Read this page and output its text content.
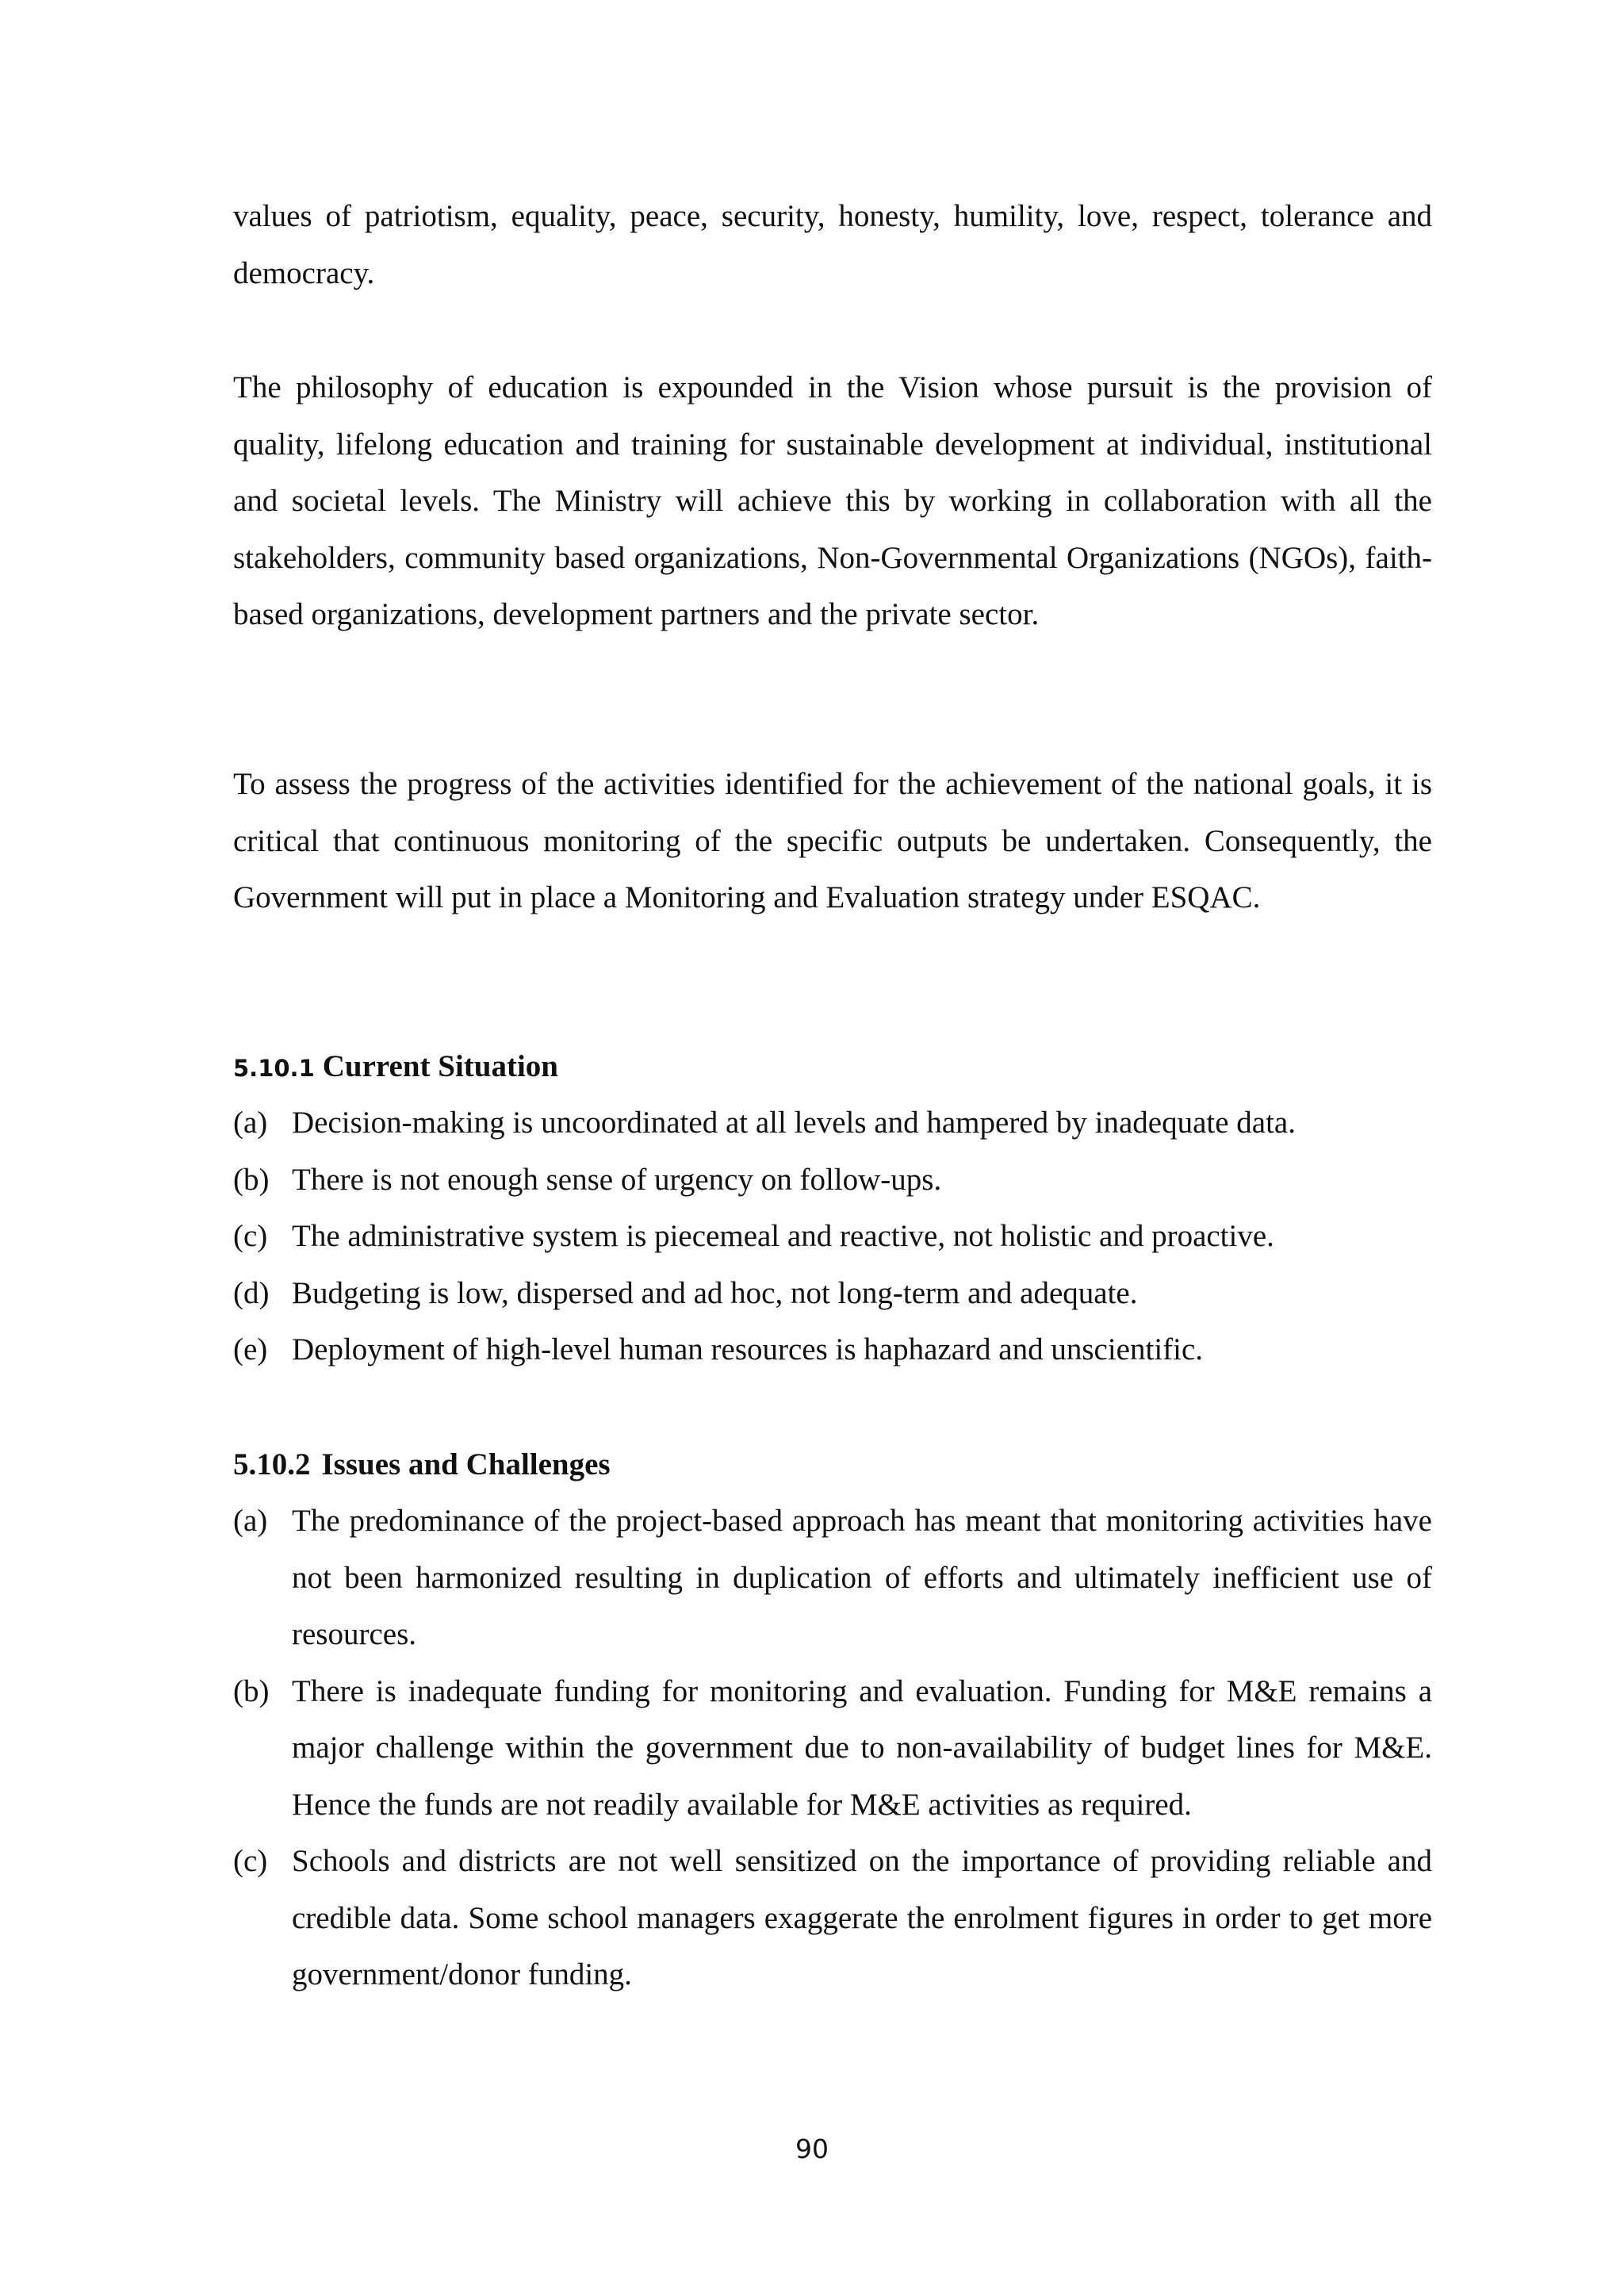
values of patriotism, equality, peace, security, honesty, humility, love, respect, tolerance and democracy.

The philosophy of education is expounded in the Vision whose pursuit is the provision of quality, lifelong education and training for sustainable development at individual, institutional and societal levels. The Ministry will achieve this by working in collaboration with all the stakeholders, community based organizations, Non-Governmental Organizations (NGOs), faith-based organizations, development partners and the private sector.

To assess the progress of the activities identified for the achievement of the national goals, it is critical that continuous monitoring of the specific outputs be undertaken. Consequently, the Government will put in place a Monitoring and Evaluation strategy under ESQAC.

5.10.1 Current Situation
(a) Decision-making is uncoordinated at all levels and hampered by inadequate data.
(b) There is not enough sense of urgency on follow-ups.
(c) The administrative system is piecemeal and reactive, not holistic and proactive.
(d) Budgeting is low, dispersed and ad hoc, not long-term and adequate.
(e) Deployment of high-level human resources is haphazard and unscientific.
5.10.2 Issues and Challenges
(a) The predominance of the project-based approach has meant that monitoring activities have not been harmonized resulting in duplication of efforts and ultimately inefficient use of resources.
(b) There is inadequate funding for monitoring and evaluation. Funding for M&E remains a major challenge within the government due to non-availability of budget lines for M&E. Hence the funds are not readily available for M&E activities as required.
(c) Schools and districts are not well sensitized on the importance of providing reliable and credible data. Some school managers exaggerate the enrolment figures in order to get more government/donor funding.

90
